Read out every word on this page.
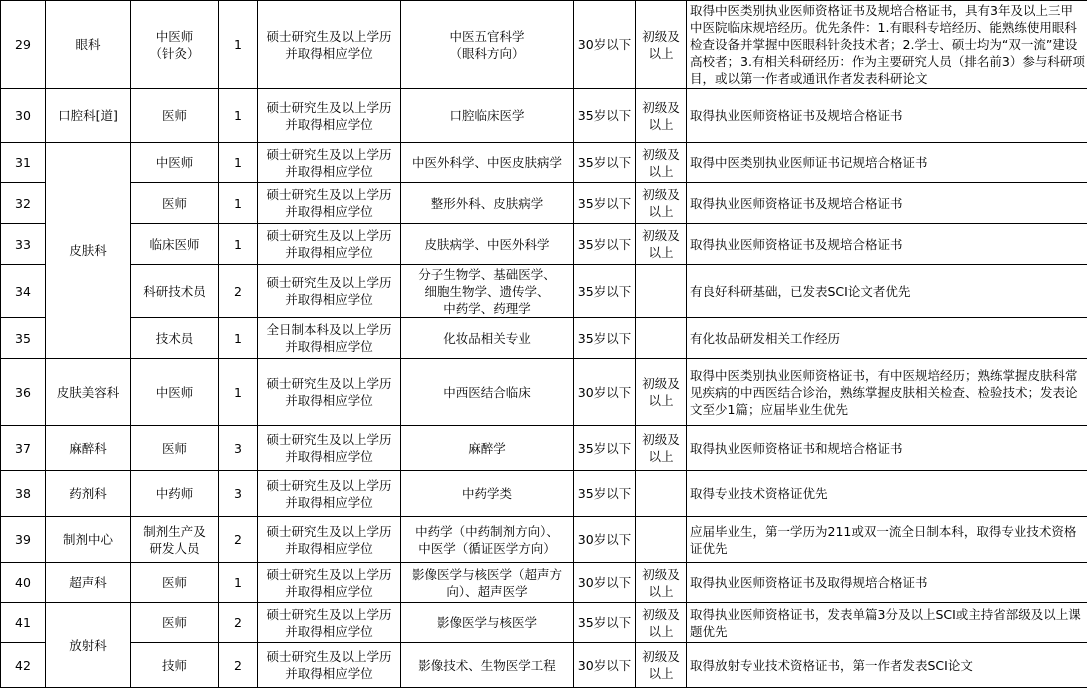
29	眼科	中医师
（针灸）	1	硕士研究生及以上学历
并取得相应学位	中医五官科学
（眼科方向）	30岁以下	初级及
以上	取得中医类别执业医师资格证书及规培合格证书，具有3年及以上三甲中医院临床规培经历。优先条件：1.有眼科专培经历、能熟练使用眼科检查设备并掌握中医眼科针灸技术者；2.学士、硕士均为“双一流”建设高校者；3.有相关科研经历：作为主要研究人员（排名前3）参与科研项目，或以第一作者或通讯作者发表科研论文
30	口腔科[道]	医师	1	硕士研究生及以上学历
并取得相应学位	口腔临床医学	35岁以下	初级及
以上	取得执业医师资格证书及规培合格证书
31	皮肤科	中医师	1	硕士研究生及以上学历
并取得相应学位	中医外科学、中医皮肤病学	35岁以下	初级及
以上	取得中医类别执业医师证书记规培合格证书
32		医师	1	硕士研究生及以上学历
并取得相应学位	整形外科、皮肤病学	35岁以下	初级及
以上	取得执业医师资格证书及规培合格证书
33		临床医师	1	硕士研究生及以上学历
并取得相应学位	皮肤病学、中医外科学	35岁以下	初级及
以上	取得执业医师资格证书及规培合格证书
34		科研技术员	2	硕士研究生及以上学历
并取得相应学位	分子生物学、基础医学、
细胞生物学、遗传学、
中药学、药理学	35岁以下		有良好科研基础，已发表SCI论文者优先
35		技术员	1	全日制本科及以上学历
并取得相应学位	化妆品相关专业	35岁以下		有化妆品研发相关工作经历
36	皮肤美容科	中医师	1	硕士研究生及以上学历
并取得相应学位	中西医结合临床	30岁以下	初级及
以上	取得中医类别执业医师资格证书，有中医规培经历；熟练掌握皮肤科常见疾病的中西医结合诊治，熟练掌握皮肤相关检查、检验技术；发表论文至少1篇；应届毕业生优先
37	麻醉科	医师	3	硕士研究生及以上学历
并取得相应学位	麻醉学	35岁以下	初级及
以上	取得执业医师资格证书和规培合格证书
38	药剂科	中药师	3	硕士研究生及以上学历
并取得相应学位	中药学类	35岁以下		取得专业技术资格证优先
39	制剂中心	制剂生产及
研发人员	2	硕士研究生及以上学历
并取得相应学位	中药学（中药制剂方向）、
中医学（循证医学方向）	30岁以下		应届毕业生，第一学历为211或双一流全日制本科，取得专业技术资格证优先
40	超声科	医师	1	硕士研究生及以上学历
并取得相应学位	影像医学与核医学（超声方
向）、超声医学	30岁以下	初级及
以上	取得执业医师资格证书及取得规培合格证书
41	放射科	医师	2	硕士研究生及以上学历
并取得相应学位	影像医学与核医学	35岁以下	初级及
以上	取得执业医师资格证书，发表单篇3分及以上SCI或主持省部级及以上课题优先
42		技师	2	硕士研究生及以上学历
并取得相应学位	影像技术、生物医学工程	30岁以下	初级及
以上	取得放射专业技术资格证书，第一作者发表SCI论文
